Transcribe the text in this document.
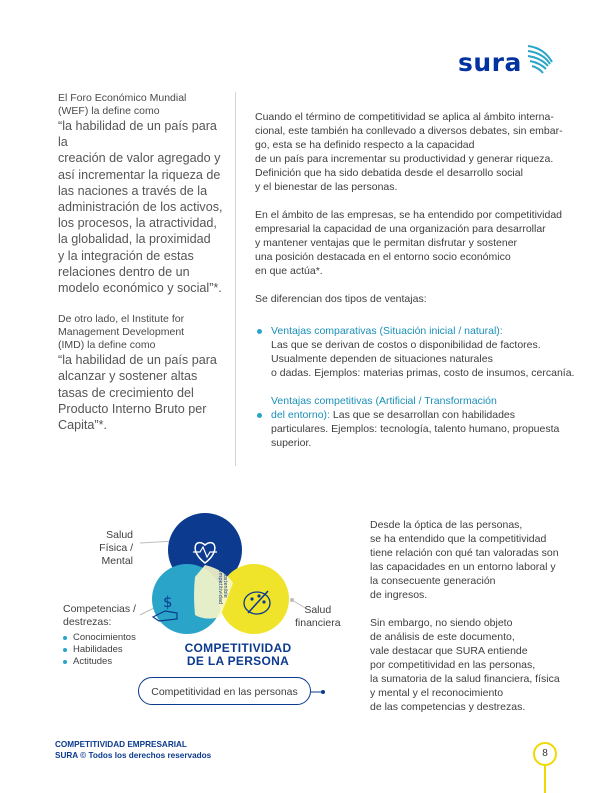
sura

El Foro Económico Mundial
(WEF) la define como

“la habilidad de un país para la
creación de valor agregado y
así incrementar la riqueza de
las naciones a través de la
administración de los activos,
los procesos, la atractividad,
la globalidad, la proximidad
y la integración de estas
relaciones dentro de un
modelo económico y social”*.

De otro lado, el Institute for
Management Development
(IMD) la define como

“la habilidad de un país para
alcanzar y sostener altas
tasas de crecimiento del
Producto Interno Bruto per
Capita”*.

Cuando el término de competitividad se aplica al ámbito interna-
cional, este también ha conllevado a diversos debates, sin embar-
go, esta se ha definido respecto a la capacidad
de un país para incrementar su productividad y generar riqueza.
Definición que ha sido debatida desde el desarrollo social
y el bienestar de las personas.

En el ámbito de las empresas, se ha entendido por competitividad
empresarial la capacidad de una organización para desarrollar
y mantener ventajas que le permitan disfrutar y sostener
una posición destacada en el entorno socio económico
en que actúa*.

Se diferencian dos tipos de ventajas:

Ventajas comparativas (Situación inicial / natural):
Las que se derivan de costos o disponibilidad de factores.
Usualmente dependen de situaciones naturales
o dadas. Ejemplos: materias primas, costo de insumos, cercanía.
Ventajas competitivas (Artificial / Transformación
del entorno): Las que se desarrollan con habilidades
particulares. Ejemplos: tecnología, talento humano, propuesta
superior.
$	Competitividad sostenible
Salud
Física / Mental
Competencias /
destrezas:
Conocimientos
Habilidades
Actitudes
Salud
financiera
COMPETITIVIDAD
DE LA PERSONA
Competitividad en las personas

Desde la óptica de las personas,
se ha entendido que la competitividad
tiene relación con qué tan valoradas son
las capacidades en un entorno laboral y
la consecuente generación
de ingresos.

Sin embargo, no siendo objeto
de análisis de este documento,
vale destacar que SURA entiende
por competitividad en las personas,
la sumatoria de la salud financiera, física
y mental y el reconocimiento
de las competencias y destrezas.

COMPETITIVIDAD EMPRESARIAL
SURA © Todos los derechos reservados	8
